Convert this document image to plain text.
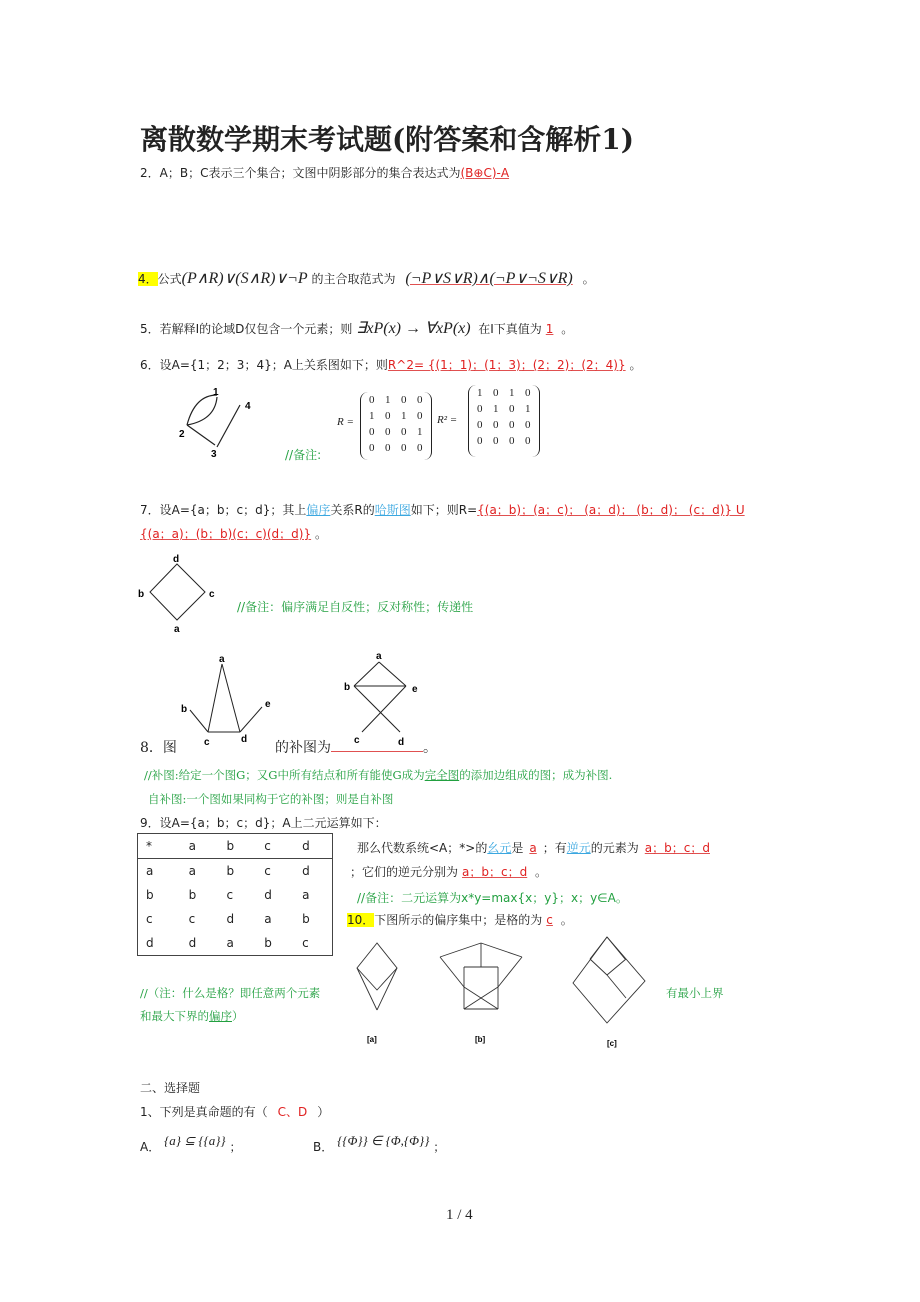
离散数学期末考试题(附答案和含解析1)
2．A；B；C表示三个集合；文图中阴影部分的集合表达式为(B⊕C)-A
4．公式(P∧R)∨(S∧R)∨¬P 的主合取范式为 (¬P∨S∨R)∧(¬P∨¬S∨R) 。
5．若解释I的论域D仅包含一个元素；则 ∃xP(x) → ∀xP(x) 在I下真值为 1 。
6．设A={1；2；3；4}；A上关系图如下；则R^2= {(1；1)；(1；3)；(2；2)；(2；4)} 。
1
2
3
4
//备注:
R =
0 1 0 0
1 0 1 0
0 0 0 1
0 0 0 0
R² =
1 0 1 0
0 1 0 1
0 0 0 0
0 0 0 0
7．设A={a；b；c；d}；其上偏序关系R的哈斯图如下；则R={(a；b)；(a；c)； (a；d)； (b；d)； (c；d)} U
{(a；a)；(b；b)(c；c)(d；d)} 。
d
b	c
a
//备注：偏序满足自反性；反对称性；传递性
a
b
c	d
e
a
b	e
c	d
8．图	的补图为	。
//补图:给定一个图G；又G中所有结点和所有能使G成为完全图的添加边组成的图；成为补图.
自补图:一个图如果同构于它的补图；则是自补图
9．设A={a；b；c；d}；A上二元运算如下：
*	a	b	c	d
a	a	b	c	d
b	b	c	d	a
c	c	d	a	b
d	d	a	b	c
那么代数系统<A；*>的幺元是 a ；有逆元的元素为 a；b；c；d
；它们的逆元分别为 a；b；c；d 。
//备注：二元运算为x*y=max{x；y}；x；y∈A。
10．下图所示的偏序集中；是格的为 c 。
[a]	[b]	[c]
//（注：什么是格？即任意两个元素	有最小上界
和最大下界的偏序）
二、选择题
1、下列是真命题的有（ C、D ）
A． {a} ⊆ {{a}} ；	B． {{Φ}} ∈ {Φ,{Φ}} ；
1 / 4
